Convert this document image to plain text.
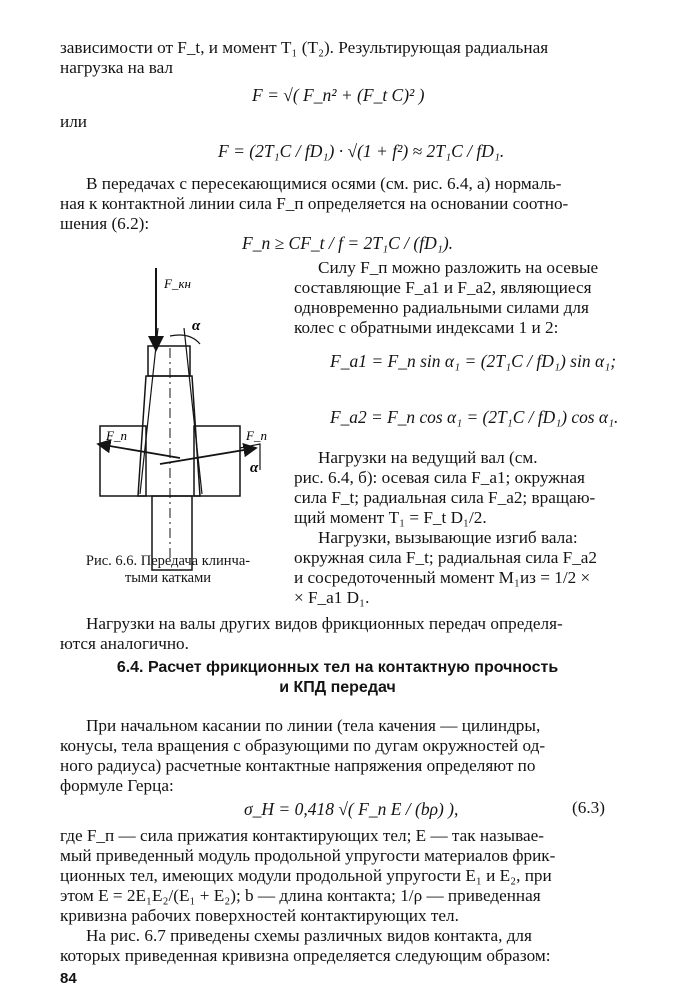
зависимости от F_t, и момент T₁ (T₂). Результирующая радиальная
нагрузка на вал
F = √( F_п² + (F_t C)² )
или
F = (2T₁C / fD₁) · √(1 + f²) ≈ 2T₁C / fD₁.
В передачах с пересекающимися осями (см. рис. 6.4, а) нормаль-
ная к контактной линии сила F_п определяется на основании соотно-
шения (6.2):
F_п ≥ CF_t / f = 2T₁C / (fD₁).
F_кн
α
F_п	F_п
α
Рис. 6.6. Передача клинча-
тыми катками
Силу F_п можно разложить на осевые
составляющие F_a1 и F_a2, являющиеся
одновременно радиальными силами для
колес с обратными индексами 1 и 2:
F_a1 = F_п sin α₁ = (2T₁C / fD₁) sin α₁;
F_a2 = F_п cos α₁ = (2T₁C / fD₁) cos α₁.
Нагрузки на ведущий вал (см.
рис. 6.4, б): осевая сила F_a1; окружная
сила F_t; радиальная сила F_a2; вращаю-
щий момент T₁ = F_t D₁/2.
Нагрузки, вызывающие изгиб вала:
окружная сила F_t; радиальная сила F_a2
и сосредоточенный момент M₁из = 1/2 ×
× F_a1 D₁.
Нагрузки на валы других видов фрикционных передач определя-
ются аналогично.
6.4. Расчет фрикционных тел на контактную прочность
и КПД передач
При начальном касании по линии (тела качения — цилиндры,
конусы, тела вращения с образующими по дугам окружностей од-
ного радиуса) расчетные контактные напряжения определяют по
формуле Герца:
σ_H = 0,418 √( F_п E / (bρ) ),	(6.3)
где F_п — сила прижатия контактирующих тел; E — так называе-
мый приведенный модуль продольной упругости материалов фрик-
ционных тел, имеющих модули продольной упругости E₁ и E₂, при
этом E = 2E₁E₂/(E₁ + E₂); b — длина контакта; 1/ρ — приведенная
кривизна рабочих поверхностей контактирующих тел.
На рис. 6.7 приведены схемы различных видов контакта, для
которых приведенная кривизна определяется следующим образом:
84
